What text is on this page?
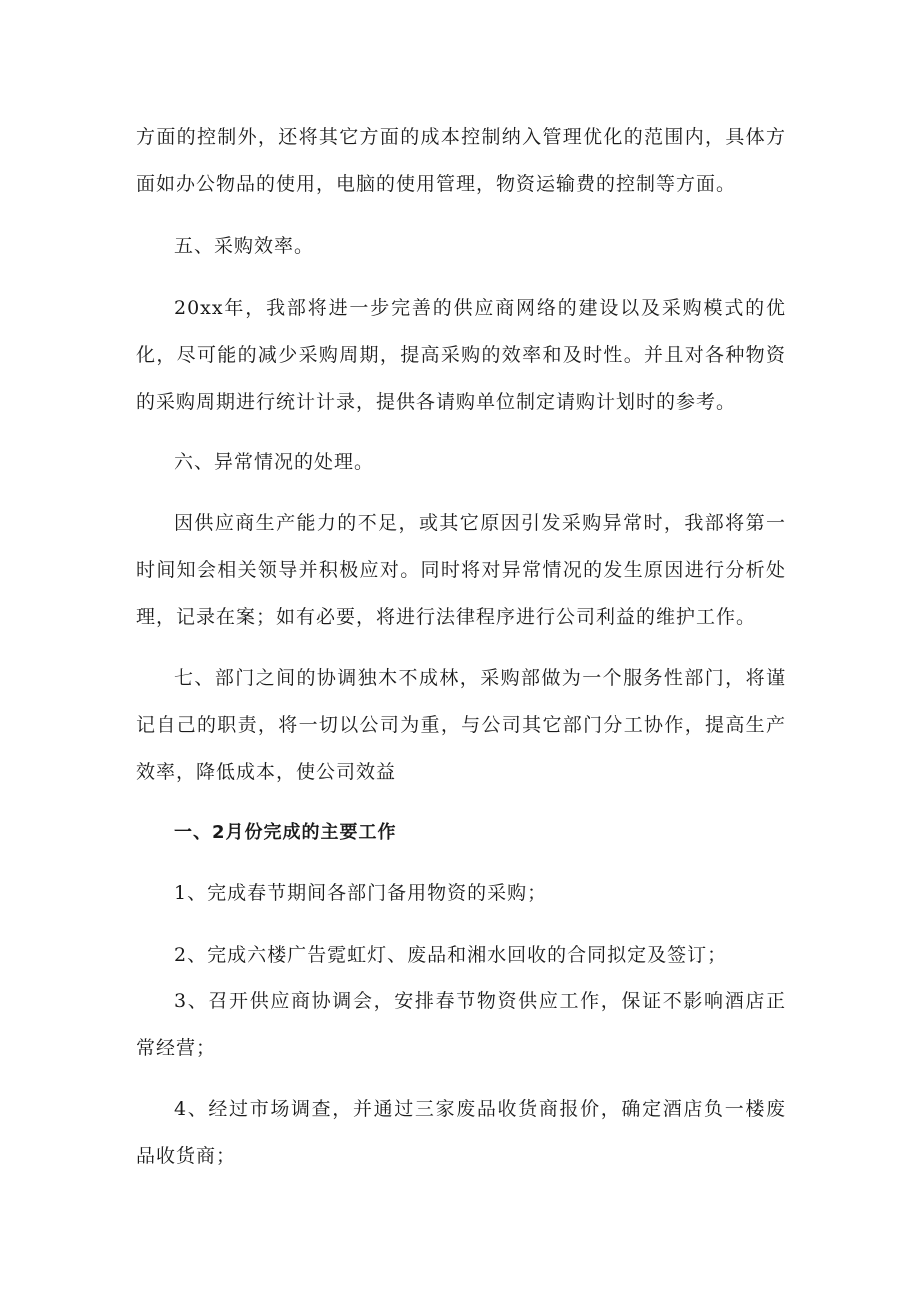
方面的控制外，还将其它方面的成本控制纳入管理优化的范围内，具体方面如办公物品的使用，电脑的使用管理，物资运输费的控制等方面。

五、采购效率。

20xx年，我部将进一步完善的供应商网络的建设以及采购模式的优化，尽可能的减少采购周期，提高采购的效率和及时性。并且对各种物资的采购周期进行统计计录，提供各请购单位制定请购计划时的参考。

六、异常情况的处理。

因供应商生产能力的不足，或其它原因引发采购异常时，我部将第一时间知会相关领导并积极应对。同时将对异常情况的发生原因进行分析处理，记录在案；如有必要，将进行法律程序进行公司利益的维护工作。

七、部门之间的协调独木不成林，采购部做为一个服务性部门，将谨记自己的职责，将一切以公司为重，与公司其它部门分工协作，提高生产效率，降低成本，使公司效益

一、2月份完成的主要工作

1、完成春节期间各部门备用物资的采购；

2、完成六楼广告霓虹灯、废品和湘水回收的合同拟定及签订；

3、召开供应商协调会，安排春节物资供应工作，保证不影响酒店正常经营；

4、经过市场调查，并通过三家废品收货商报价，确定酒店负一楼废品收货商；
